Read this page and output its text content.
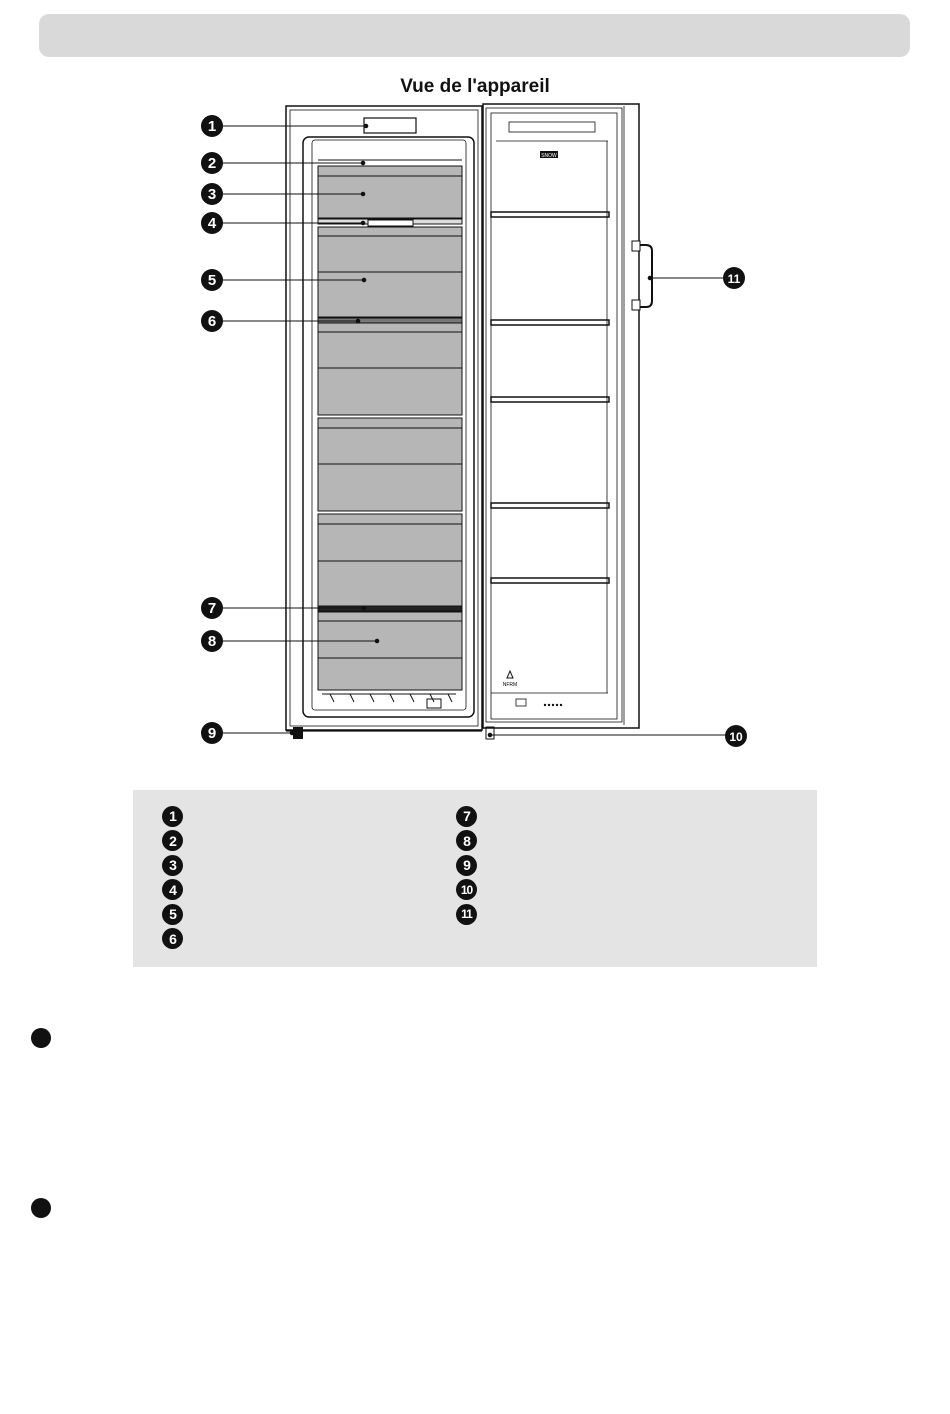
Vue de l'appareil
SNOW
NFRM
1
2
3
4
5
6
7
8
9	10
11
1
2
3
4
5
6
7
8
9
10
11
